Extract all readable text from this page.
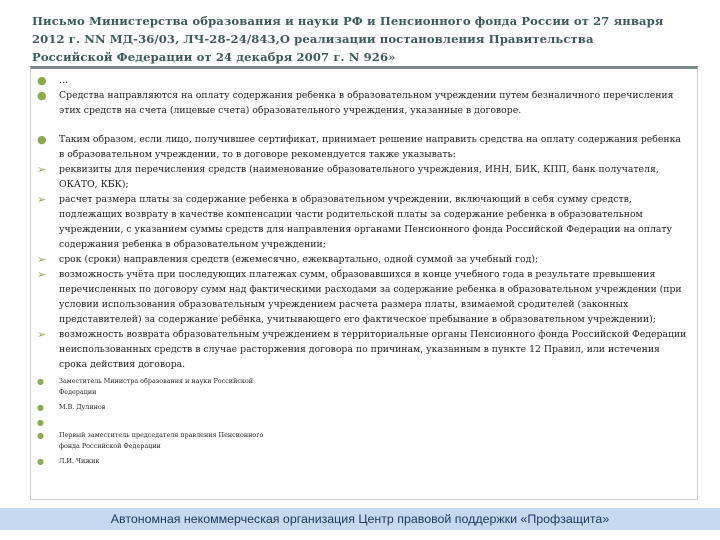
Письмо Министерства образования и науки РФ и Пенсионного фонда России от 27 января 2012 г. NN МД-36/03, ЛЧ-28-24/843,О реализации постановления Правительства Российской Федерации от 24 декабря 2007 г. N 926»
● …
● Средства направляются на оплату содержания ребенка в образовательном учреждении путем безналичного перечисления этих средств на счета (лицевые счета) образовательного учреждения, указанные в договоре.
● Таким образом, если лицо, получившее сертификат, принимает решение направить средства на оплату содержания ребенка в образовательном учреждении, то в договоре рекомендуется также указывать:
➢ реквизиты для перечисления средств (наименование образовательного учреждения, ИНН, БИК, КПП, банк получателя, ОКАТО, КБК);
➢ расчет размера платы за содержание ребенка в образовательном учреждении, включающий в себя сумму средств, подлежащих возврату в качестве компенсации части родительской платы за содержание ребенка в образовательном учреждении, с указанием суммы средств для направления органами Пенсионного фонда Российской Федерации на оплату содержания ребенка в образовательном учреждении;
➢ срок (сроки) направления средств (ежемесячно, ежеквартально, одной суммой за учебный год);
➢ возможность учёта при последующих платежах сумм, образовавшихся в конце учебного года в результате превышения перечисленных по договору сумм над фактическими расходами за содержание ребенка в образовательном учреждении (при условии использования образовательным учреждением расчета размера платы, взимаемой сродителей (законных представителей) за содержание ребёнка, учитывающего его фактическое пребывание в образовательном учреждении);
➢ возможность возврата образовательным учреждением в территориальные органы Пенсионного фонда Российской Федерации неиспользованных средств в случае расторжения договора по причинам, указанным в пункте 12 Правил, или истечения срока действия договора.
● Заместитель Министра образования и науки Российской Федерации
● М.В. Дулинов
●

● Первый заместитель председателя правления Пенсионного фонда Российской Федерации
● Л.И. Чижик
Автономная некоммерческая организация Центр правовой поддержки «Профзащита»
